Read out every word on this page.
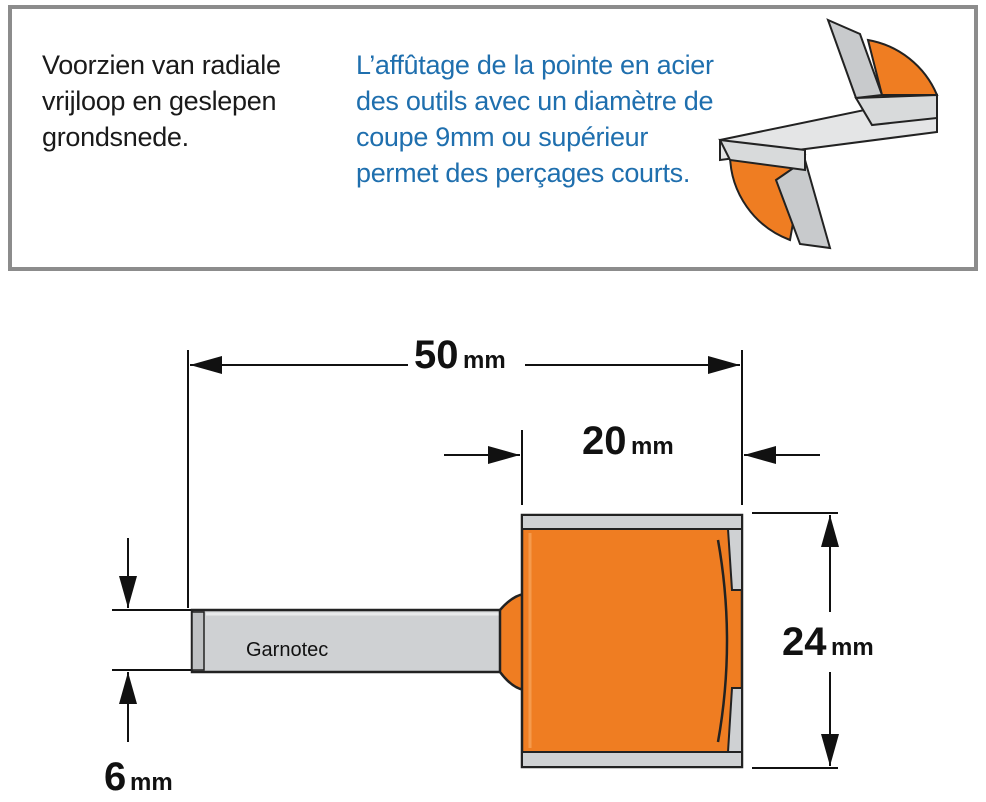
Voorzien van radiale vrijloop en geslepen grondsnede.
L’affûtage de la pointe en acier des outils avec un diamètre de coupe 9mm ou supérieur permet des perçages courts.
50 mm
20 mm
24 mm
6 mm
Garnotec
